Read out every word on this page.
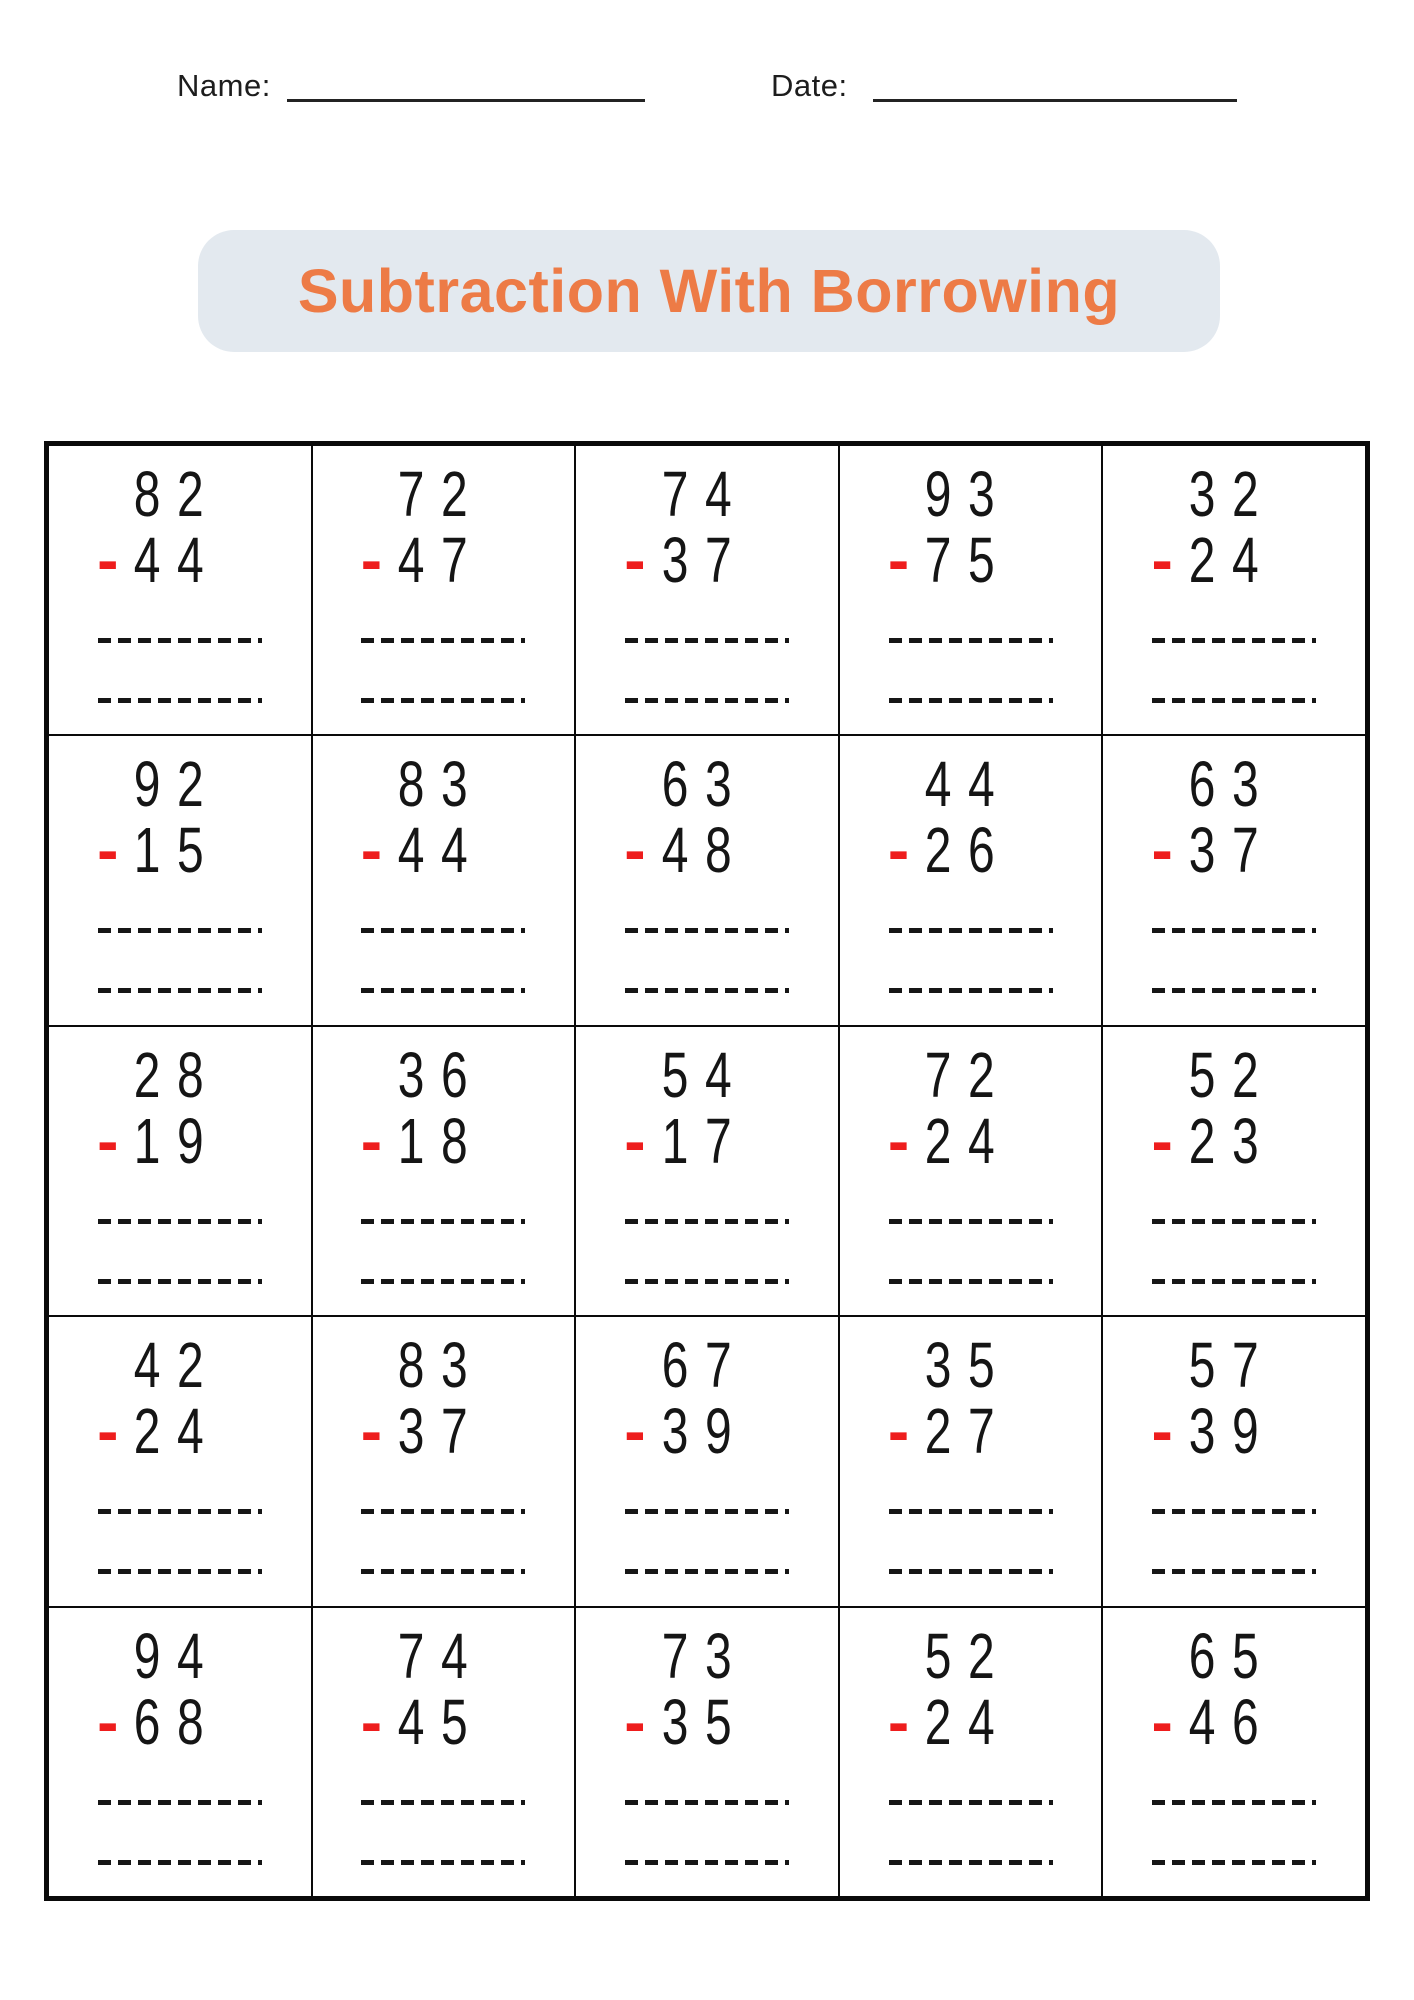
Name:	Date:
Subtraction With Borrowing
82
- 44
72
- 47
74
- 37
93
- 75
32
- 24
92
- 15
83
- 44
63
- 48
44
- 26
63
- 37
28
- 19
36
- 18
54
- 17
72
- 24
52
- 23
42
- 24
83
- 37
67
- 39
35
- 27
57
- 39
94
- 68
74
- 45
73
- 35
52
- 24
65
- 46
